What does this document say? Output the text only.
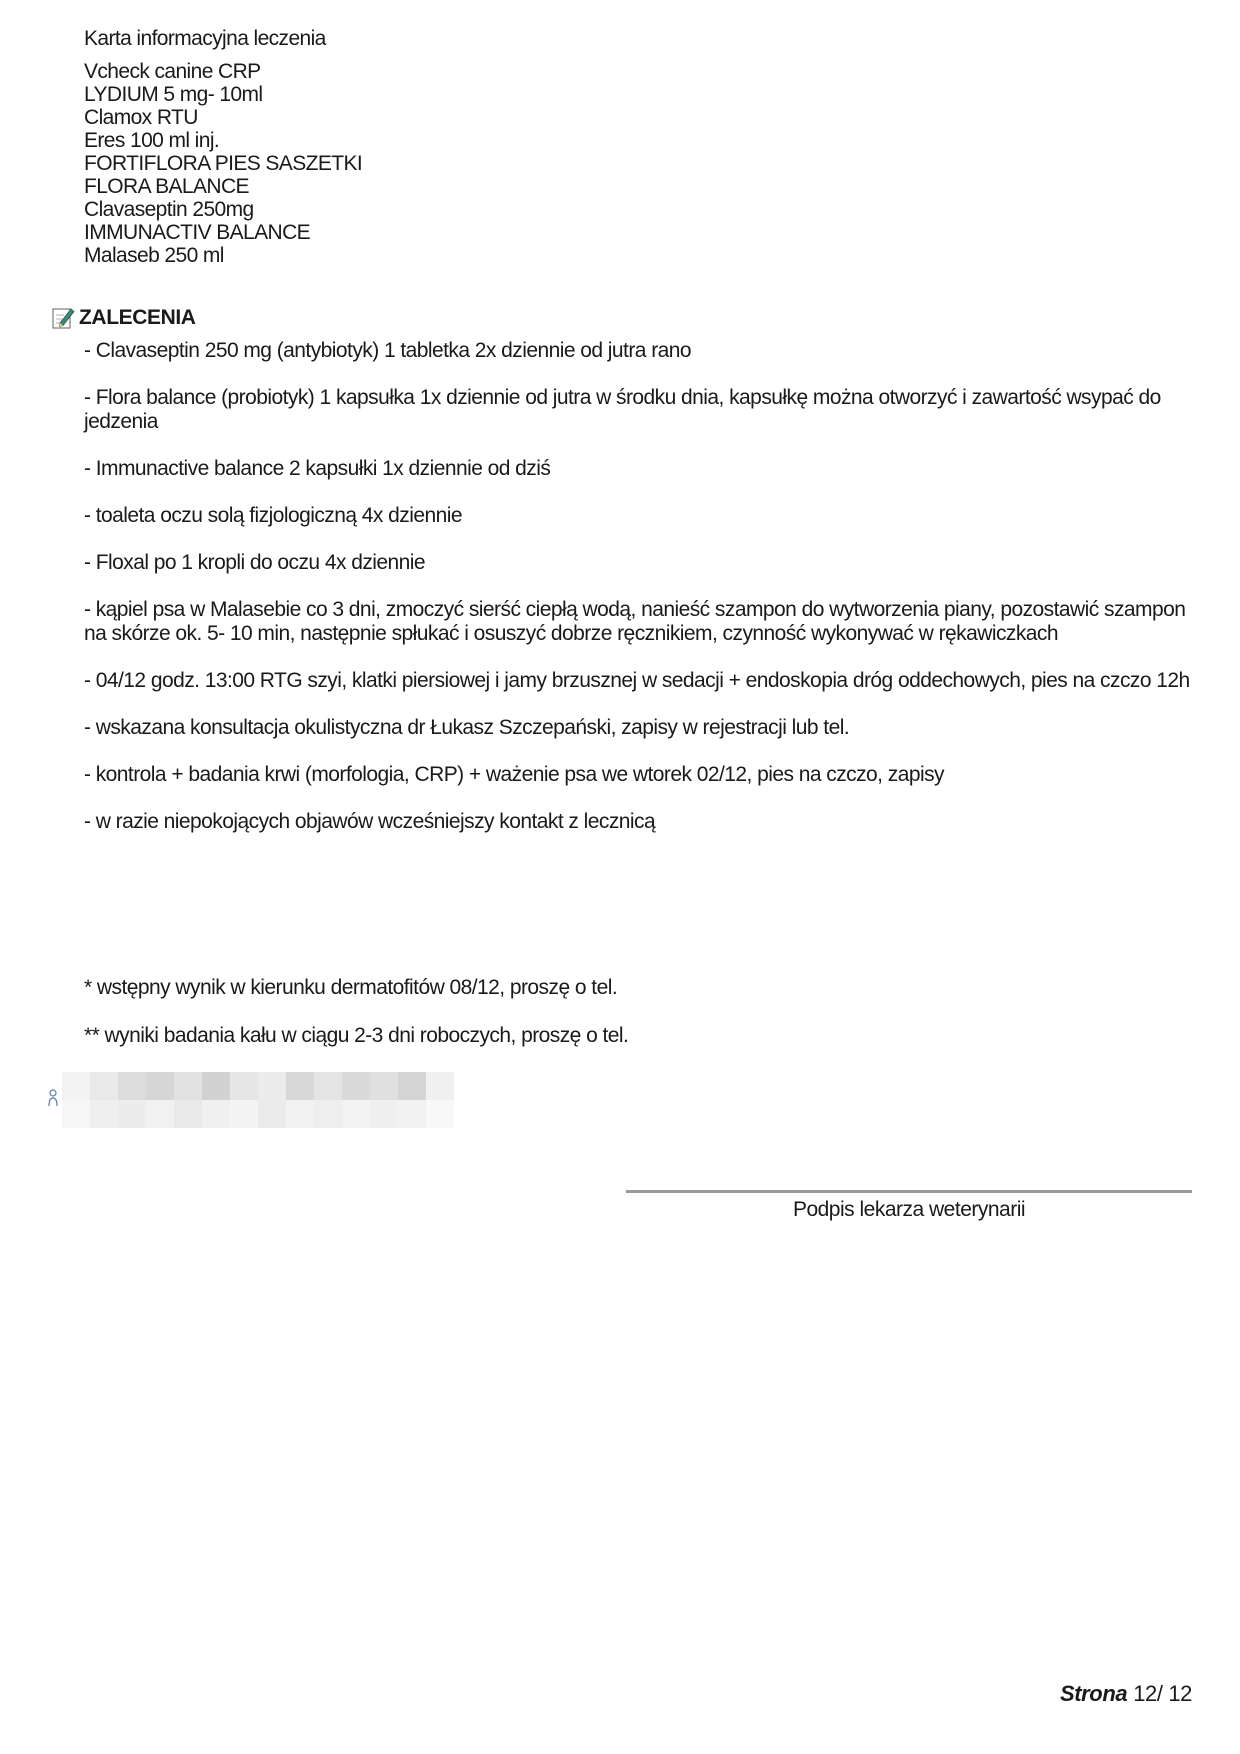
Karta informacyjna leczenia
Vcheck canine CRP
LYDIUM 5 mg- 10ml
Clamox RTU
Eres 100 ml inj.
FORTIFLORA PIES SASZETKI
FLORA BALANCE
Clavaseptin 250mg
IMMUNACTIV BALANCE
Malaseb 250 ml
ZALECENIA

- Clavaseptin 250 mg (antybiotyk) 1 tabletka 2x dziennie od jutra rano

- Flora balance (probiotyk) 1 kapsułka 1x dziennie od jutra w środku dnia, kapsułkę można otworzyć i zawartość wsypać do jedzenia

- Immunactive balance 2 kapsułki 1x dziennie od dziś

- toaleta oczu solą fizjologiczną 4x dziennie

- Floxal po 1 kropli do oczu 4x dziennie

- kąpiel psa w Malasebie co 3 dni, zmoczyć sierść ciepłą wodą, nanieść szampon do wytworzenia piany, pozostawić szampon na skórze ok. 5- 10 min, następnie spłukać i osuszyć dobrze ręcznikiem, czynność wykonywać w rękawiczkach

- 04/12 godz. 13:00 RTG szyi, klatki piersiowej i jamy brzusznej w sedacji + endoskopia dróg oddechowych, pies na czczo 12h

- wskazana konsultacja okulistyczna dr Łukasz Szczepański, zapisy w rejestracji lub tel.

- kontrola + badania krwi (morfologia, CRP) + ważenie psa we wtorek 02/12, pies na czczo, zapisy

- w razie niepokojących objawów wcześniejszy kontakt z lecznicą

* wstępny wynik w kierunku dermatofitów 08/12, proszę o tel.

** wyniki badania kału w ciągu 2-3 dni roboczych, proszę o tel.

Podpis lekarza weterynarii
Strona 12/ 12
